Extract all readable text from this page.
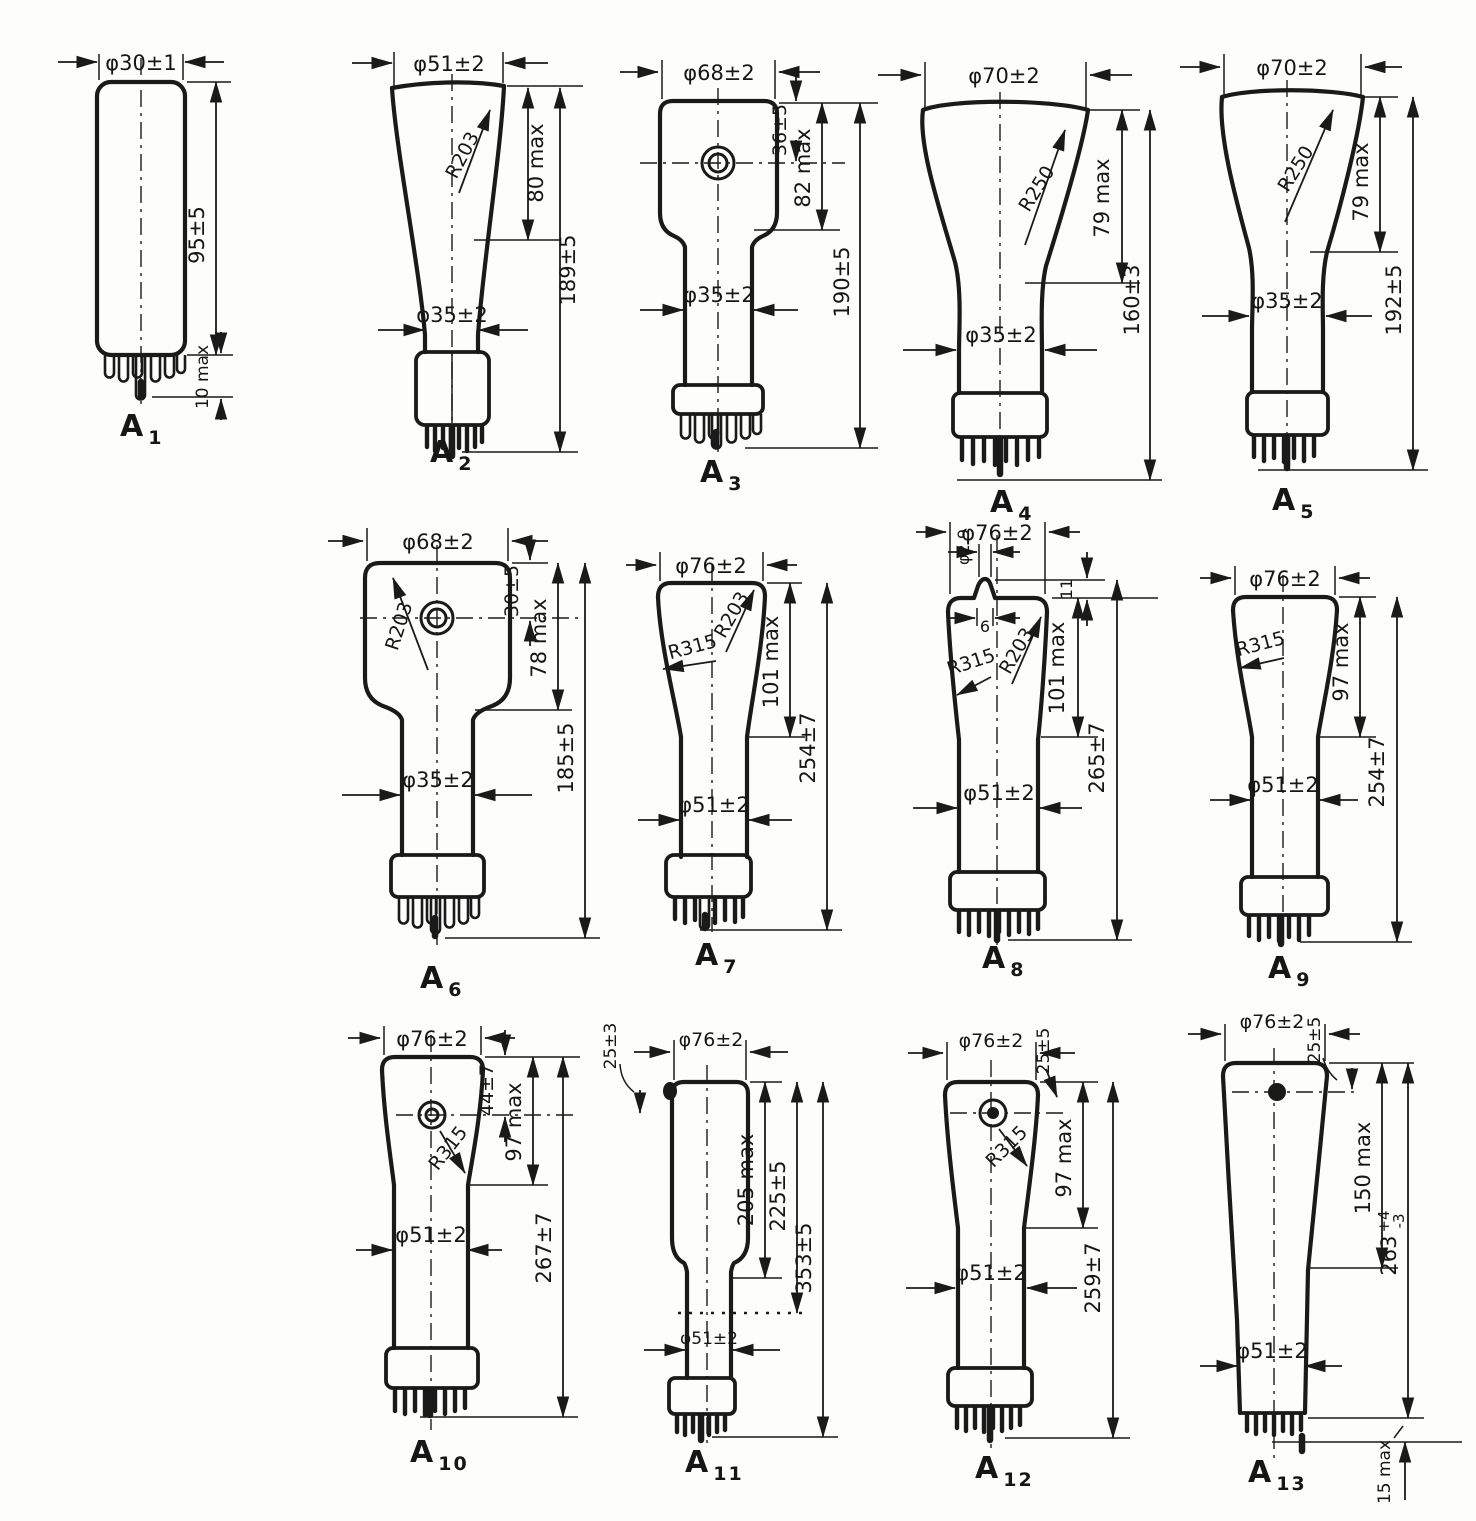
φ30±1
95±5
10 max
A $_1$
φ51±2
R203 80 max
189±5
φ35±2
A $_2$
φ68±2
36±5 82 max
190±5
φ35±2
A $_3$
φ70±2
R250 79 max
160±3
φ35±2
A $_4$
φ70±2
R250 79 max
192±5
φ35±2
A $_5$
φ68±2
R203
30±5
78 max
185±5
φ35±2
A $_6$
φ76±2
R315
R203
101 max
254±7
φ51±2
A $_7$
φ76±2
φ2.9
6
11
R315
R203 101 max
265±7
φ51±2
A $_8$
φ76±2
R315 97 max
254±7
φ51±2
A $_9$
φ76±2
44±7
R315 97 max
267±7
φ51±2
A $_{10}$
25±3	φ76±2
205 max 225±5
353±5
φ51±2
A $_{11}$
φ76±2 25±5
R315 97 max
259±7
φ51±2
A $_{12}$
φ76±2 25±5
150 max
$263^{+4}-3$
φ51±2
15 max
A $_{13}$
